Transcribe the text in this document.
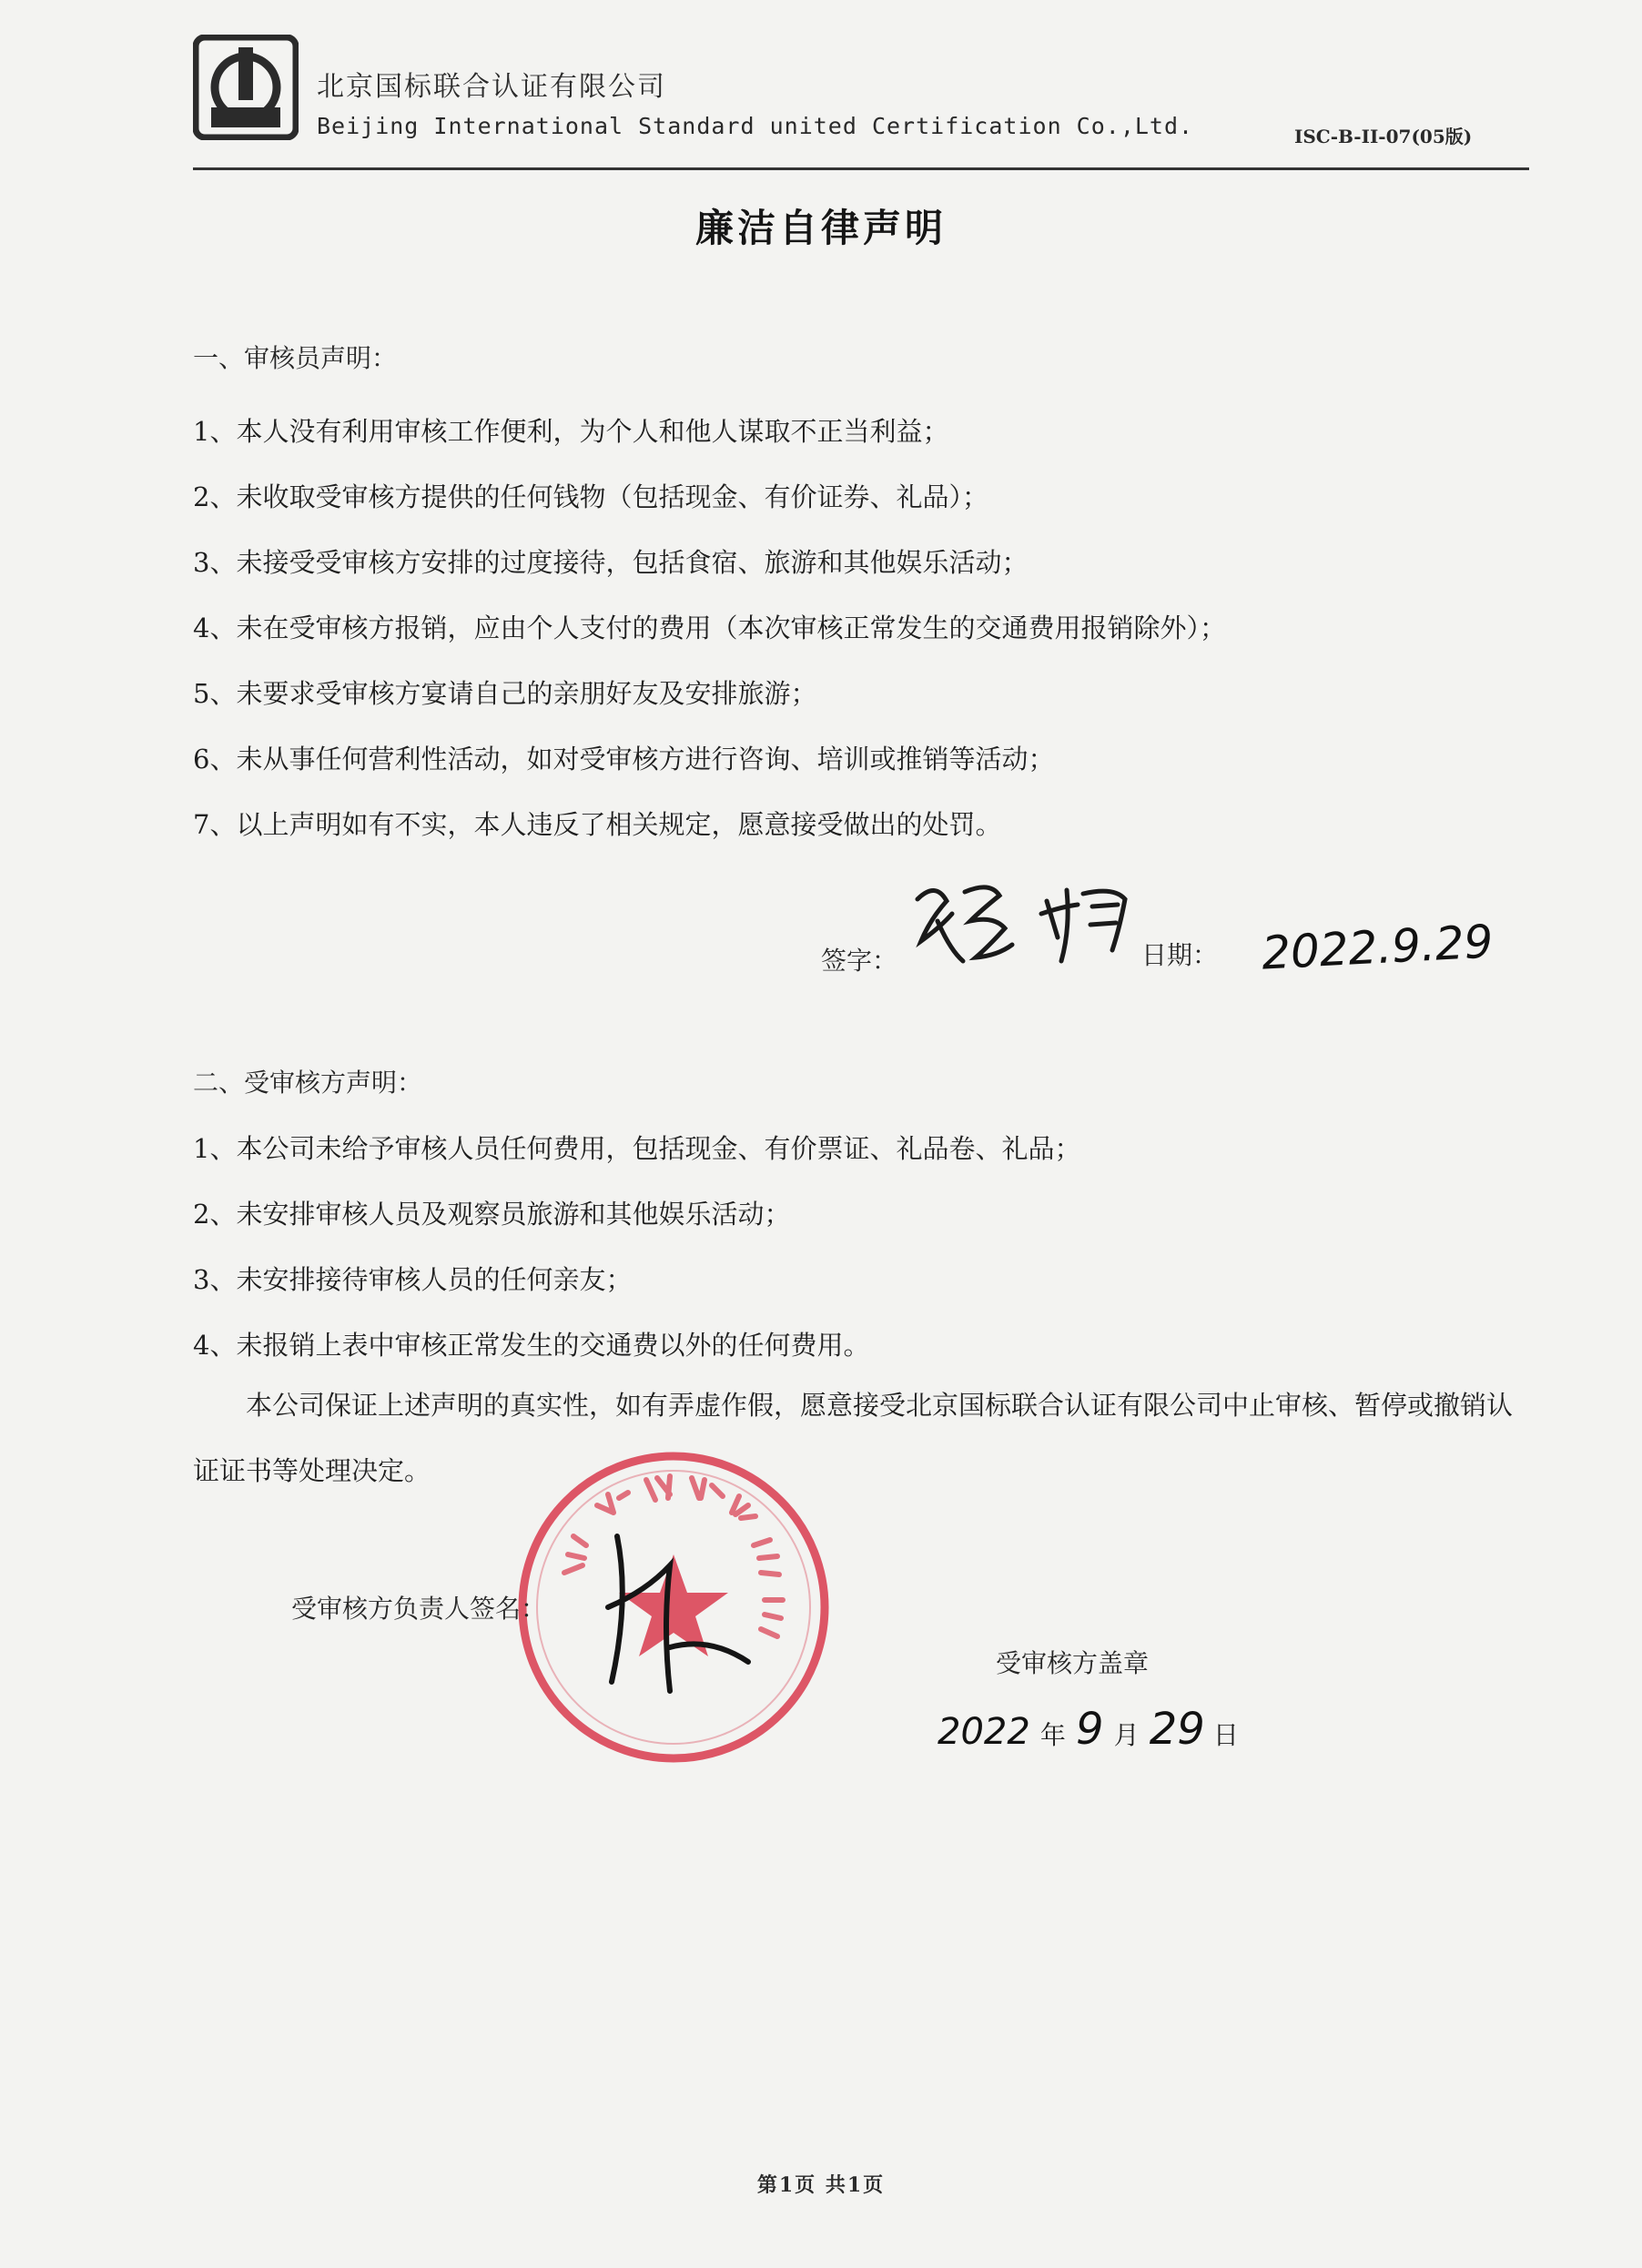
北京国标联合认证有限公司
Beijing International Standard united Certification Co.,Ltd.	ISC-B-II-07(05版)
廉洁自律声明
一、审核员声明：
1、本人没有利用审核工作便利，为个人和他人谋取不正当利益；
2、未收取受审核方提供的任何钱物（包括现金、有价证券、礼品）；
3、未接受受审核方安排的过度接待，包括食宿、旅游和其他娱乐活动；
4、未在受审核方报销，应由个人支付的费用（本次审核正常发生的交通费用报销除外）；
5、未要求受审核方宴请自己的亲朋好友及安排旅游；
6、未从事任何营利性活动，如对受审核方进行咨询、培训或推销等活动；
7、以上声明如有不实，本人违反了相关规定，愿意接受做出的处罚。
签字：	日期： 2022.9.29
二、受审核方声明：
1、本公司未给予审核人员任何费用，包括现金、有价票证、礼品卷、礼品；
2、未安排审核人员及观察员旅游和其他娱乐活动；
3、未安排接待审核人员的任何亲友；
4、未报销上表中审核正常发生的交通费以外的任何费用。
本公司保证上述声明的真实性，如有弄虚作假，愿意接受北京国标联合认证有限公司中止审核、暂停或撤销认证证书等处理决定。
受审核方负责人签名：
受审核方盖章
2022 年 9 月 29 日
第1页 共1页
